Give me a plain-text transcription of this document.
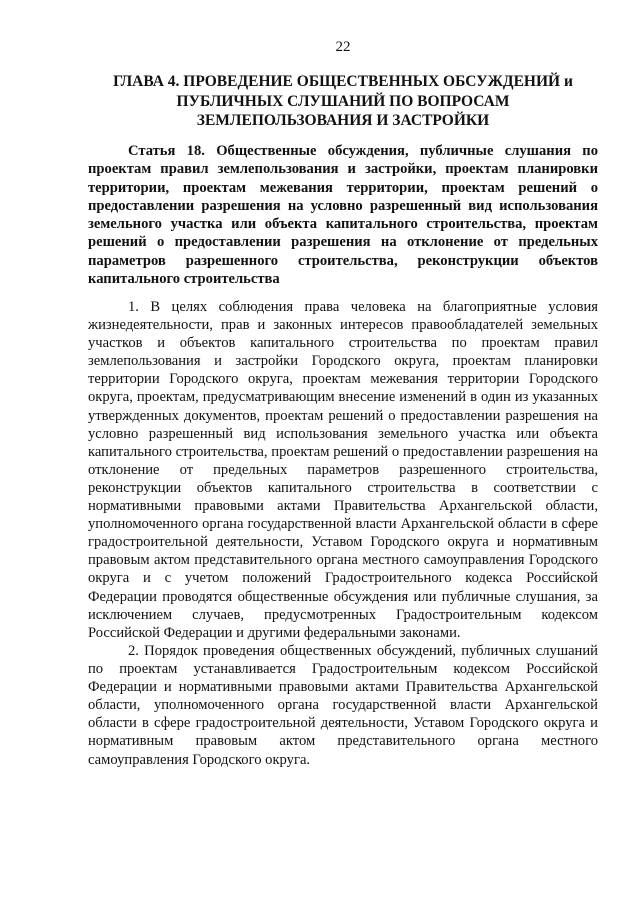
22
ГЛАВА 4. ПРОВЕДЕНИЕ ОБЩЕСТВЕННЫХ ОБСУЖДЕНИЙ и ПУБЛИЧНЫХ СЛУШАНИЙ ПО ВОПРОСАМ ЗЕМЛЕПОЛЬЗОВАНИЯ И ЗАСТРОЙКИ
Статья 18. Общественные обсуждения, публичные слушания по проектам правил землепользования и застройки, проектам планировки территории, проектам межевания территории, проектам решений о предоставлении разрешения на условно разрешенный вид использования земельного участка или объекта капитального строительства, проектам решений о предоставлении разрешения на отклонение от предельных параметров разрешенного строительства, реконструкции объектов капитального строительства

1. В целях соблюдения права человека на благоприятные условия жизнедеятельности, прав и законных интересов правообладателей земельных участков и объектов капитального строительства по проектам правил землепользования и застройки Городского округа, проектам планировки территории Городского округа, проектам межевания территории Городского округа, проектам, предусматривающим внесение изменений в один из указанных утвержденных документов, проектам решений о предоставлении разрешения на условно разрешенный вид использования земельного участка или объекта капитального строительства, проектам решений о предоставлении разрешения на отклонение от предельных параметров разрешенного строительства, реконструкции объектов капитального строительства в соответствии с нормативными правовыми актами Правительства Архангельской области, уполномоченного органа государственной власти Архангельской области в сфере градостроительной деятельности, Уставом Городского округа и нормативным правовым актом представительного органа местного самоуправления Городского округа и с учетом положений Градостроительного кодекса Российской Федерации проводятся общественные обсуждения или публичные слушания, за исключением случаев, предусмотренных Градостроительным кодексом Российской Федерации и другими федеральными законами.

2. Порядок проведения общественных обсуждений, публичных слушаний по проектам устанавливается Градостроительным кодексом Российской Федерации и нормативными правовыми актами Правительства Архангельской области, уполномоченного органа государственной власти Архангельской области в сфере градостроительной деятельности, Уставом Городского округа и нормативным правовым актом представительного органа местного самоуправления Городского округа.
